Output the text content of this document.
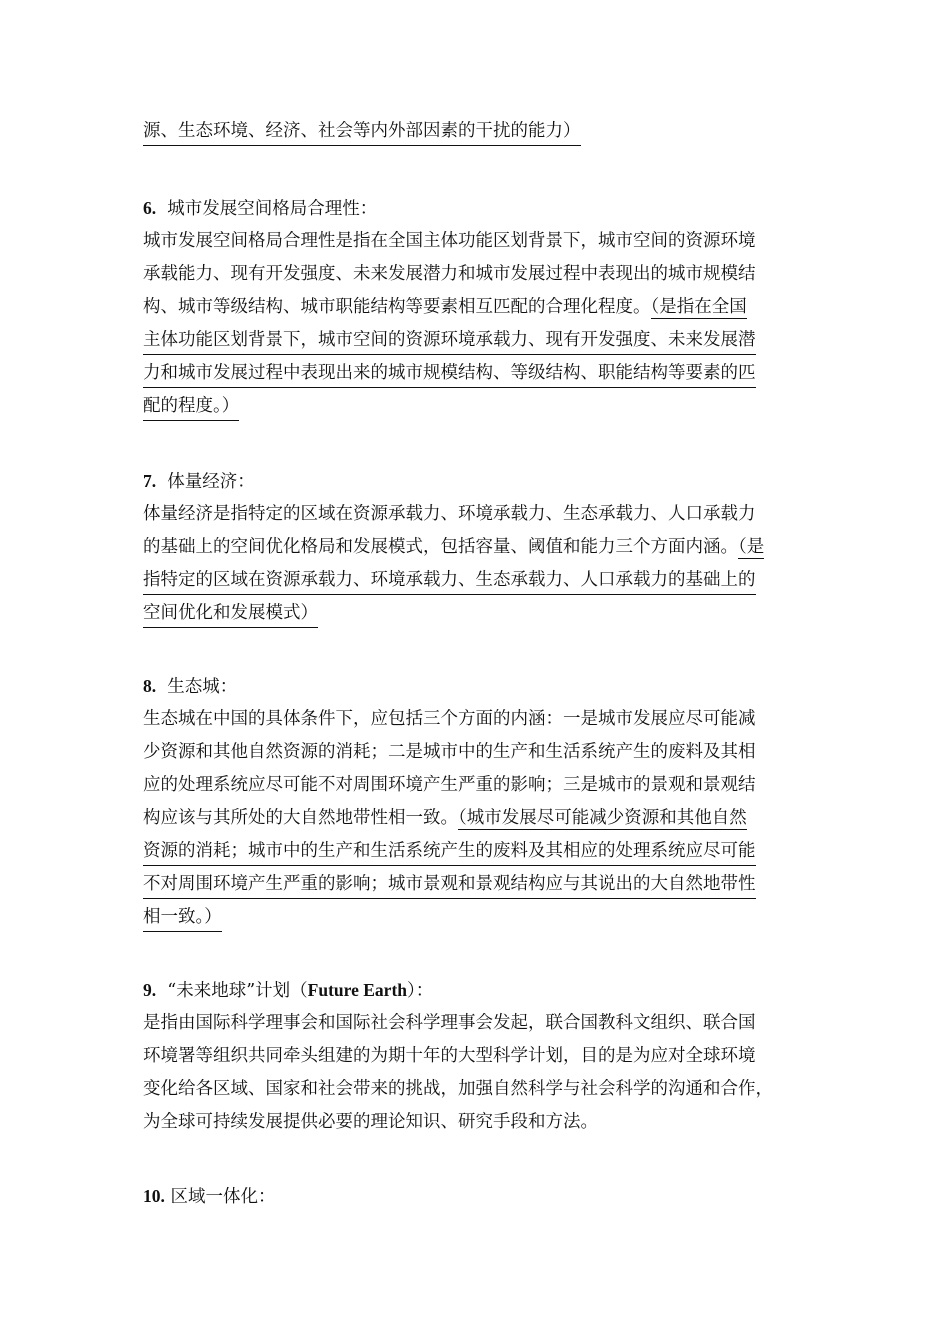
源、生态环境、经济、社会等内外部因素的干扰的能力）
6. 城市发展空间格局合理性：
城市发展空间格局合理性是指在全国主体功能区划背景下，城市空间的资源环境
承载能力、现有开发强度、未来发展潜力和城市发展过程中表现出的城市规模结
构、城市等级结构、城市职能结构等要素相互匹配的合理化程度。（是指在全国
主体功能区划背景下，城市空间的资源环境承载力、现有开发强度、未来发展潜
力和城市发展过程中表现出来的城市规模结构、等级结构、职能结构等要素的匹
配的程度。）
7. 体量经济：
体量经济是指特定的区域在资源承载力、环境承载力、生态承载力、人口承载力
的基础上的空间优化格局和发展模式，包括容量、阈值和能力三个方面内涵。（是
指特定的区域在资源承载力、环境承载力、生态承载力、人口承载力的基础上的
空间优化和发展模式）
8. 生态城：
生态城在中国的具体条件下，应包括三个方面的内涵：一是城市发展应尽可能减
少资源和其他自然资源的消耗；二是城市中的生产和生活系统产生的废料及其相
应的处理系统应尽可能不对周围环境产生严重的影响；三是城市的景观和景观结
构应该与其所处的大自然地带性相一致。（城市发展尽可能减少资源和其他自然
资源的消耗；城市中的生产和生活系统产生的废料及其相应的处理系统应尽可能
不对周围环境产生严重的影响；城市景观和景观结构应与其说出的大自然地带性
相一致。）
9. “未来地球”计划（Future Earth）：
是指由国际科学理事会和国际社会科学理事会发起，联合国教科文组织、联合国
环境署等组织共同牵头组建的为期十年的大型科学计划，目的是为应对全球环境
变化给各区域、国家和社会带来的挑战，加强自然科学与社会科学的沟通和合作，
为全球可持续发展提供必要的理论知识、研究手段和方法。
10. 区域一体化：
